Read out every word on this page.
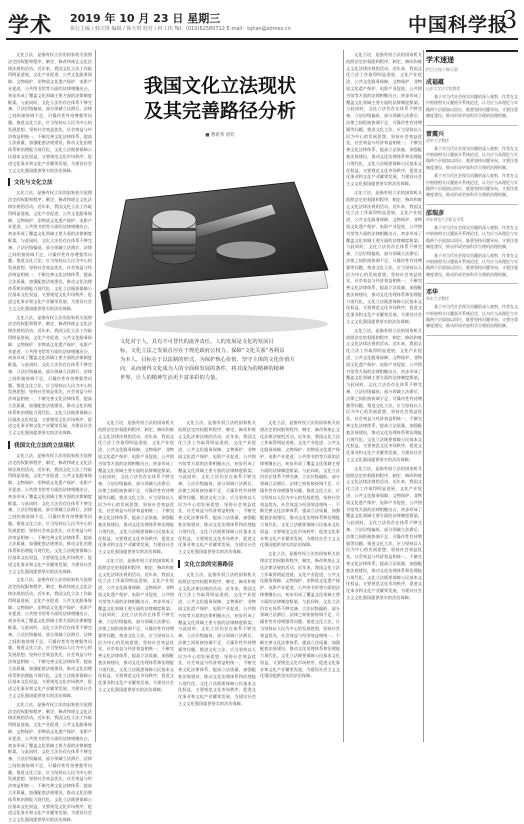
学术 2019 年 10 月 23 日 星期三
执行主编 / 韩天琪 编辑 / 韩天琪 校对 / 何工伟 Tel：(010)62580712 E-mail：tqhan@stimes.cn	中国科学报
3

文化立法，是指有权立法的国家机关依照法定的权限和程序，制定、修改和废止文化法律法规的活动。近年来，我国文化立法工作取得明显进展，文化产业促进、公共文化服务保障、文物保护、非物质文化遗产保护、电影产业促进、公共图书馆等方面的法律相继出台，初步形成了覆盖文化领域主要方面的法律制度框架。与此同时，文化立法仍存在体系不够完备、立法层级偏低、部分领域立法滞后、法律之间衔接协调不足、可操作性有待增强等问题。推进文化立法，应当坚持以人民为中心的发展思想，坚持社会效益优先、社会效益与经济效益相统一，不断完善文化法律体系，提高立法质量，加强配套法规建设，推动文化治理体系和治理能力现代化。文化立法既要保障公民基本文化权益，又要规范文化市场秩序，促进文化事业和文化产业繁荣发展，为建设社会主义文化强国提供坚实的法治保障。

文化与文化立法

文化立法，是指有权立法的国家机关依照法定的权限和程序，制定、修改和废止文化法律法规的活动。近年来，我国文化立法工作取得明显进展，文化产业促进、公共文化服务保障、文物保护、非物质文化遗产保护、电影产业促进、公共图书馆等方面的法律相继出台，初步形成了覆盖文化领域主要方面的法律制度框架。与此同时，文化立法仍存在体系不够完备、立法层级偏低、部分领域立法滞后、法律之间衔接协调不足、可操作性有待增强等问题。推进文化立法，应当坚持以人民为中心的发展思想，坚持社会效益优先、社会效益与经济效益相统一，不断完善文化法律体系，提高立法质量，加强配套法规建设，推动文化治理体系和治理能力现代化。文化立法既要保障公民基本文化权益，又要规范文化市场秩序，促进文化事业和文化产业繁荣发展，为建设社会主义文化强国提供坚实的法治保障。

文化立法，是指有权立法的国家机关依照法定的权限和程序，制定、修改和废止文化法律法规的活动。近年来，我国文化立法工作取得明显进展，文化产业促进、公共文化服务保障、文物保护、非物质文化遗产保护、电影产业促进、公共图书馆等方面的法律相继出台，初步形成了覆盖文化领域主要方面的法律制度框架。与此同时，文化立法仍存在体系不够完备、立法层级偏低、部分领域立法滞后、法律之间衔接协调不足、可操作性有待增强等问题。推进文化立法，应当坚持以人民为中心的发展思想，坚持社会效益优先、社会效益与经济效益相统一，不断完善文化法律体系，提高立法质量，加强配套法规建设，推动文化治理体系和治理能力现代化。文化立法既要保障公民基本文化权益，又要规范文化市场秩序，促进文化事业和文化产业繁荣发展，为建设社会主义文化强国提供坚实的法治保障。

我国文化立法的立法现状

文化立法，是指有权立法的国家机关依照法定的权限和程序，制定、修改和废止文化法律法规的活动。近年来，我国文化立法工作取得明显进展，文化产业促进、公共文化服务保障、文物保护、非物质文化遗产保护、电影产业促进、公共图书馆等方面的法律相继出台，初步形成了覆盖文化领域主要方面的法律制度框架。与此同时，文化立法仍存在体系不够完备、立法层级偏低、部分领域立法滞后、法律之间衔接协调不足、可操作性有待增强等问题。推进文化立法，应当坚持以人民为中心的发展思想，坚持社会效益优先、社会效益与经济效益相统一，不断完善文化法律体系，提高立法质量，加强配套法规建设，推动文化治理体系和治理能力现代化。文化立法既要保障公民基本文化权益，又要规范文化市场秩序，促进文化事业和文化产业繁荣发展，为建设社会主义文化强国提供坚实的法治保障。

文化立法，是指有权立法的国家机关依照法定的权限和程序，制定、修改和废止文化法律法规的活动。近年来，我国文化立法工作取得明显进展，文化产业促进、公共文化服务保障、文物保护、非物质文化遗产保护、电影产业促进、公共图书馆等方面的法律相继出台，初步形成了覆盖文化领域主要方面的法律制度框架。与此同时，文化立法仍存在体系不够完备、立法层级偏低、部分领域立法滞后、法律之间衔接协调不足、可操作性有待增强等问题。推进文化立法，应当坚持以人民为中心的发展思想，坚持社会效益优先、社会效益与经济效益相统一，不断完善文化法律体系，提高立法质量，加强配套法规建设，推动文化治理体系和治理能力现代化。文化立法既要保障公民基本文化权益，又要规范文化市场秩序，促进文化事业和文化产业繁荣发展，为建设社会主义文化强国提供坚实的法治保障。

文化立法，是指有权立法的国家机关依照法定的权限和程序，制定、修改和废止文化法律法规的活动。近年来，我国文化立法工作取得明显进展，文化产业促进、公共文化服务保障、文物保护、非物质文化遗产保护、电影产业促进、公共图书馆等方面的法律相继出台，初步形成了覆盖文化领域主要方面的法律制度框架。与此同时，文化立法仍存在体系不够完备、立法层级偏低、部分领域立法滞后、法律之间衔接协调不足、可操作性有待增强等问题。推进文化立法，应当坚持以人民为中心的发展思想，坚持社会效益优先、社会效益与经济效益相统一，不断完善文化法律体系，提高立法质量，加强配套法规建设，推动文化治理体系和治理能力现代化。文化立法既要保障公民基本文化权益，又要规范文化市场秩序，促进文化事业和文化产业繁荣发展，为建设社会主义文化强国提供坚实的法治保障。

我国文化立法现状
及其完善路径分析
■ 曹新邦 唐钦
文化对于人，具有不可替代的滋养责任。人的发展是文化的发展目
标，文化立法之发展首应在于规范政府公权力、保障“文化关系”各利益
为本人，目标在于以法制的形式，为保护核心价值、坚守主体的文化价值方
向，从而使得文化成为人的全面和发展的条件，将其成为的精神的精神
世界，让人的精神生活更丰富多彩的力量。

文化立法，是指有权立法的国家机关依照法定的权限和程序，制定、修改和废止文化法律法规的活动。近年来，我国文化立法工作取得明显进展，文化产业促进、公共文化服务保障、文物保护、非物质文化遗产保护、电影产业促进、公共图书馆等方面的法律相继出台，初步形成了覆盖文化领域主要方面的法律制度框架。与此同时，文化立法仍存在体系不够完备、立法层级偏低、部分领域立法滞后、法律之间衔接协调不足、可操作性有待增强等问题。推进文化立法，应当坚持以人民为中心的发展思想，坚持社会效益优先、社会效益与经济效益相统一，不断完善文化法律体系，提高立法质量，加强配套法规建设，推动文化治理体系和治理能力现代化。文化立法既要保障公民基本文化权益，又要规范文化市场秩序，促进文化事业和文化产业繁荣发展，为建设社会主义文化强国提供坚实的法治保障。

文化立法，是指有权立法的国家机关依照法定的权限和程序，制定、修改和废止文化法律法规的活动。近年来，我国文化立法工作取得明显进展，文化产业促进、公共文化服务保障、文物保护、非物质文化遗产保护、电影产业促进、公共图书馆等方面的法律相继出台，初步形成了覆盖文化领域主要方面的法律制度框架。与此同时，文化立法仍存在体系不够完备、立法层级偏低、部分领域立法滞后、法律之间衔接协调不足、可操作性有待增强等问题。推进文化立法，应当坚持以人民为中心的发展思想，坚持社会效益优先、社会效益与经济效益相统一，不断完善文化法律体系，提高立法质量，加强配套法规建设，推动文化治理体系和治理能力现代化。文化立法既要保障公民基本文化权益，又要规范文化市场秩序，促进文化事业和文化产业繁荣发展，为建设社会主义文化强国提供坚实的法治保障。

文化立法，是指有权立法的国家机关依照法定的权限和程序，制定、修改和废止文化法律法规的活动。近年来，我国文化立法工作取得明显进展，文化产业促进、公共文化服务保障、文物保护、非物质文化遗产保护、电影产业促进、公共图书馆等方面的法律相继出台，初步形成了覆盖文化领域主要方面的法律制度框架。与此同时，文化立法仍存在体系不够完备、立法层级偏低、部分领域立法滞后、法律之间衔接协调不足、可操作性有待增强等问题。推进文化立法，应当坚持以人民为中心的发展思想，坚持社会效益优先、社会效益与经济效益相统一，不断完善文化法律体系，提高立法质量，加强配套法规建设，推动文化治理体系和治理能力现代化。文化立法既要保障公民基本文化权益，又要规范文化市场秩序，促进文化事业和文化产业繁荣发展，为建设社会主义文化强国提供坚实的法治保障。

文化立法的完善路径

文化立法，是指有权立法的国家机关依照法定的权限和程序，制定、修改和废止文化法律法规的活动。近年来，我国文化立法工作取得明显进展，文化产业促进、公共文化服务保障、文物保护、非物质文化遗产保护、电影产业促进、公共图书馆等方面的法律相继出台，初步形成了覆盖文化领域主要方面的法律制度框架。与此同时，文化立法仍存在体系不够完备、立法层级偏低、部分领域立法滞后、法律之间衔接协调不足、可操作性有待增强等问题。推进文化立法，应当坚持以人民为中心的发展思想，坚持社会效益优先、社会效益与经济效益相统一，不断完善文化法律体系，提高立法质量，加强配套法规建设，推动文化治理体系和治理能力现代化。文化立法既要保障公民基本文化权益，又要规范文化市场秩序，促进文化事业和文化产业繁荣发展，为建设社会主义文化强国提供坚实的法治保障。

文化立法，是指有权立法的国家机关依照法定的权限和程序，制定、修改和废止文化法律法规的活动。近年来，我国文化立法工作取得明显进展，文化产业促进、公共文化服务保障、文物保护、非物质文化遗产保护、电影产业促进、公共图书馆等方面的法律相继出台，初步形成了覆盖文化领域主要方面的法律制度框架。与此同时，文化立法仍存在体系不够完备、立法层级偏低、部分领域立法滞后、法律之间衔接协调不足、可操作性有待增强等问题。推进文化立法，应当坚持以人民为中心的发展思想，坚持社会效益优先、社会效益与经济效益相统一，不断完善文化法律体系，提高立法质量，加强配套法规建设，推动文化治理体系和治理能力现代化。文化立法既要保障公民基本文化权益，又要规范文化市场秩序，促进文化事业和文化产业繁荣发展，为建设社会主义文化强国提供坚实的法治保障。

文化立法，是指有权立法的国家机关依照法定的权限和程序，制定、修改和废止文化法律法规的活动。近年来，我国文化立法工作取得明显进展，文化产业促进、公共文化服务保障、文物保护、非物质文化遗产保护、电影产业促进、公共图书馆等方面的法律相继出台，初步形成了覆盖文化领域主要方面的法律制度框架。与此同时，文化立法仍存在体系不够完备、立法层级偏低、部分领域立法滞后、法律之间衔接协调不足、可操作性有待增强等问题。推进文化立法，应当坚持以人民为中心的发展思想，坚持社会效益优先、社会效益与经济效益相统一，不断完善文化法律体系，提高立法质量，加强配套法规建设，推动文化治理体系和治理能力现代化。文化立法既要保障公民基本文化权益，又要规范文化市场秩序，促进文化事业和文化产业繁荣发展，为建设社会主义文化强国提供坚实的法治保障。

文化立法，是指有权立法的国家机关依照法定的权限和程序，制定、修改和废止文化法律法规的活动。近年来，我国文化立法工作取得明显进展，文化产业促进、公共文化服务保障、文物保护、非物质文化遗产保护、电影产业促进、公共图书馆等方面的法律相继出台，初步形成了覆盖文化领域主要方面的法律制度框架。与此同时，文化立法仍存在体系不够完备、立法层级偏低、部分领域立法滞后、法律之间衔接协调不足、可操作性有待增强等问题。推进文化立法，应当坚持以人民为中心的发展思想，坚持社会效益优先、社会效益与经济效益相统一，不断完善文化法律体系，提高立法质量，加强配套法规建设，推动文化治理体系和治理能力现代化。文化立法既要保障公民基本文化权益，又要规范文化市场秩序，促进文化事业和文化产业繁荣发展，为建设社会主义文化强国提供坚实的法治保障。

文化立法，是指有权立法的国家机关依照法定的权限和程序，制定、修改和废止文化法律法规的活动。近年来，我国文化立法工作取得明显进展，文化产业促进、公共文化服务保障、文物保护、非物质文化遗产保护、电影产业促进、公共图书馆等方面的法律相继出台，初步形成了覆盖文化领域主要方面的法律制度框架。与此同时，文化立法仍存在体系不够完备、立法层级偏低、部分领域立法滞后、法律之间衔接协调不足、可操作性有待增强等问题。推进文化立法，应当坚持以人民为中心的发展思想，坚持社会效益优先、社会效益与经济效益相统一，不断完善文化法律体系，提高立法质量，加强配套法规建设，推动文化治理体系和治理能力现代化。文化立法既要保障公民基本文化权益，又要规范文化市场秩序，促进文化事业和文化产业繁荣发展，为建设社会主义文化强国提供坚实的法治保障。

文化立法，是指有权立法的国家机关依照法定的权限和程序，制定、修改和废止文化法律法规的活动。近年来，我国文化立法工作取得明显进展，文化产业促进、公共文化服务保障、文物保护、非物质文化遗产保护、电影产业促进、公共图书馆等方面的法律相继出台，初步形成了覆盖文化领域主要方面的法律制度框架。与此同时，文化立法仍存在体系不够完备、立法层级偏低、部分领域立法滞后、法律之间衔接协调不足、可操作性有待增强等问题。推进文化立法，应当坚持以人民为中心的发展思想，坚持社会效益优先、社会效益与经济效益相统一，不断完善文化法律体系，提高立法质量，加强配套法规建设，推动文化治理体系和治理能力现代化。文化立法既要保障公民基本文化权益，又要规范文化市场秩序，促进文化事业和文化产业繁荣发展，为建设社会主义文化强国提供坚实的法治保障。

文化立法，是指有权立法的国家机关依照法定的权限和程序，制定、修改和废止文化法律法规的活动。近年来，我国文化立法工作取得明显进展，文化产业促进、公共文化服务保障、文物保护、非物质文化遗产保护、电影产业促进、公共图书馆等方面的法律相继出台，初步形成了覆盖文化领域主要方面的法律制度框架。与此同时，文化立法仍存在体系不够完备、立法层级偏低、部分领域立法滞后、法律之间衔接协调不足、可操作性有待增强等问题。推进文化立法，应当坚持以人民为中心的发展思想，坚持社会效益优先、社会效益与经济效益相统一，不断完善文化法律体系，提高立法质量，加强配套法规建设，推动文化治理体系和治理能力现代化。文化立法既要保障公民基本文化权益，又要规范文化市场秩序，促进文化事业和文化产业繁荣发展，为建设社会主义文化强国提供坚实的法治保障。

学术速递
栏目主持 / 韩天琪
成福蕴
山东大学法学院教授

基于对当代社会现实问题的深入观察，作者在文中围绕相关议题展开系统论述，认为应当从理论与实践两个层面加以回应，既要坚持问题导向，又要注重制度建设，推动形成更加科学合理的治理机制。

雷震兴
清华大学教授

基于对当代社会现实问题的深入观察，作者在文中围绕相关议题展开系统论述，认为应当从理论与实践两个层面加以回应，既要坚持问题导向，又要注重制度建设，推动形成更加科学合理的治理机制。

基于对当代社会现实问题的深入观察，作者在文中围绕相关议题展开系统论述，认为应当从理论与实践两个层面加以回应，既要坚持问题导向，又要注重制度建设，推动形成更加科学合理的治理机制。

邵瑞彦
华东师范大学政治学系

基于对当代社会现实问题的深入观察，作者在文中围绕相关议题展开系统论述，认为应当从理论与实践两个层面加以回应，既要坚持问题导向，又要注重制度建设，推动形成更加科学合理的治理机制。

基于对当代社会现实问题的深入观察，作者在文中围绕相关议题展开系统论述，认为应当从理论与实践两个层面加以回应，既要坚持问题导向，又要注重制度建设，推动形成更加科学合理的治理机制。

邓华
华东大学教授

基于对当代社会现实问题的深入观察，作者在文中围绕相关议题展开系统论述，认为应当从理论与实践两个层面加以回应，既要坚持问题导向，又要注重制度建设，推动形成更加科学合理的治理机制。
